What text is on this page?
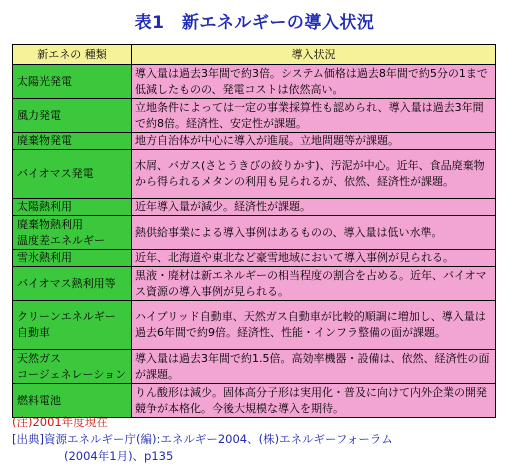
表1　新エネルギーの導入状況
新エネの 種類	導入状況
太陽光発電	導入量は過去3年間で約3倍。システム価格は過去8年間で約5分の1まで低減したものの、発電コストは依然高い。
風力発電	立地条件によっては一定の事業採算性も認められ、導入量は過去3年間で約8倍。経済性、安定性が課題。
廃棄物発電	地方自治体が中心に導入が進展。立地問題等が課題。
バイオマス発電	木屑、バガス(さとうきびの絞りかす)、汚泥が中心。近年、食品廃棄物から得られるメタンの利用も見られるが、依然、経済性が課題。
太陽熱利用	近年導入量が減少。経済性が課題。
廃棄物熱利用
温度差エネルギー	熱供給事業による導入事例はあるものの、導入量は低い水準。
雪氷熱利用	近年、北海道や東北など豪雪地域において導入事例が見られる。
バイオマス熱利用等	黒液・廃材は新エネルギーの相当程度の割合を占める。近年、バイオマス資源の導入事例が見られる。
クリーンエネルギー
自動車	ハイブリッド自動車、天然ガス自動車が比較的順調に増加し、導入量は過去6年間で約9倍。経済性、性能・インフラ整備の面が課題。
天然ガス
コージェネレーション	導入量は過去3年間で約1.5倍。高効率機器・設備は、依然、経済性の面が課題。
燃料電池	りん酸形は減少。固体高分子形は実用化・普及に向けて内外企業の開発競争が本格化。今後大規模な導入を期待。
(注)2001年度現在
[出典]資源エネルギー庁(編):エネルギー2004、(株)エネルギーフォーラム
(2004年1月)、p135
